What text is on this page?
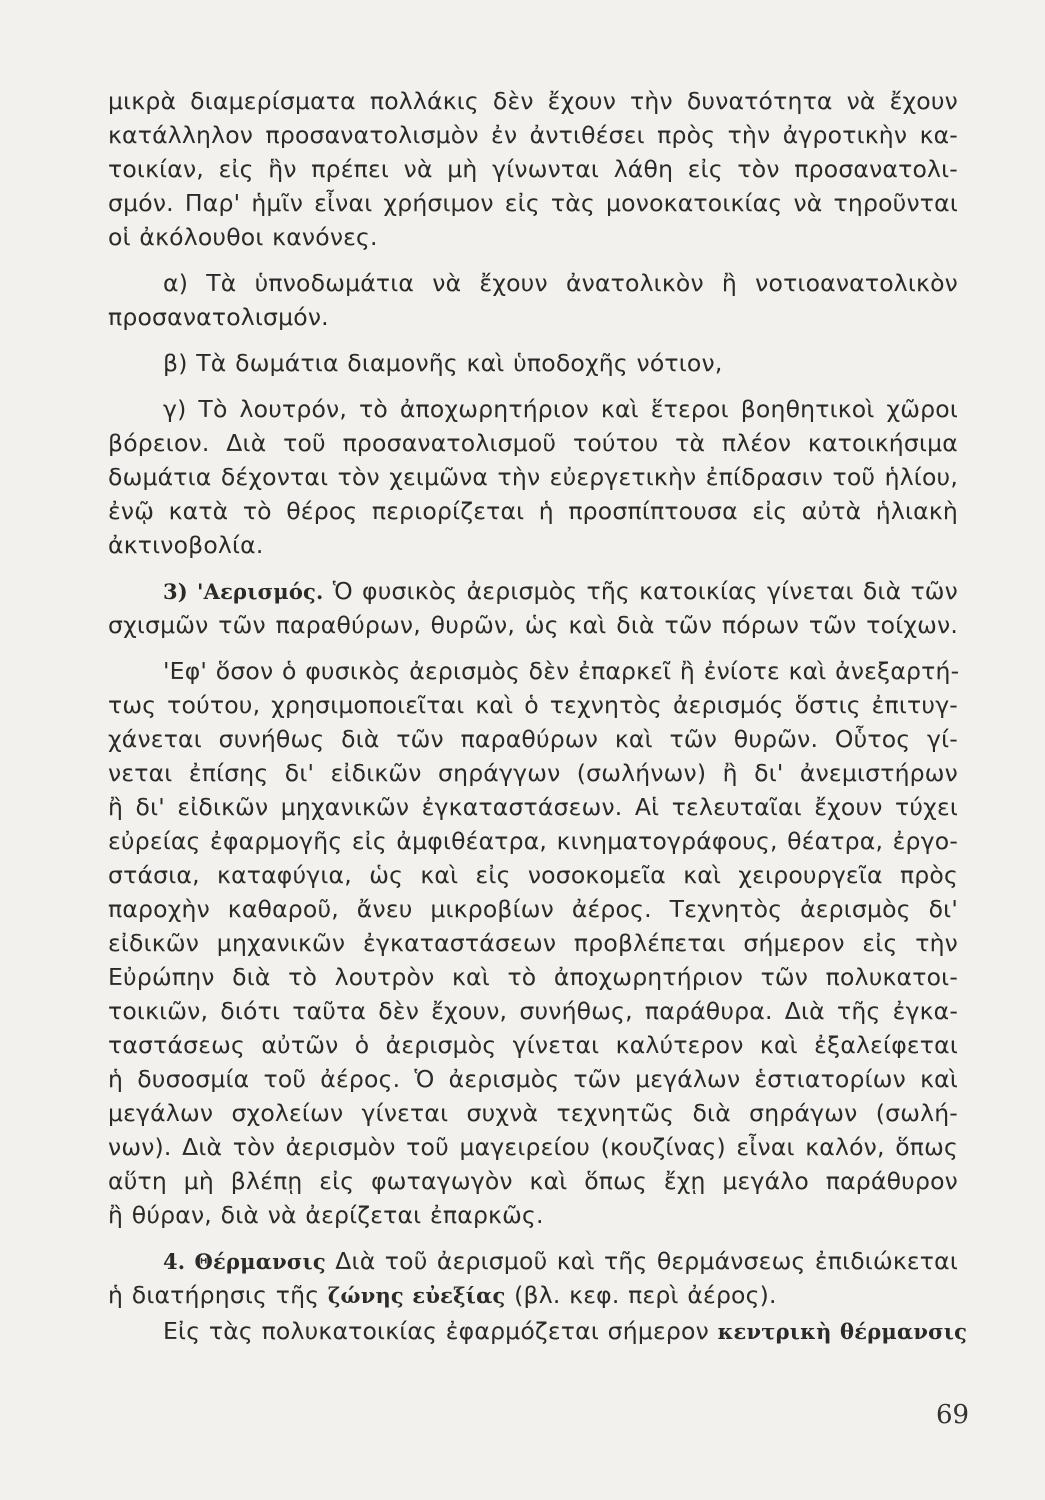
μικρὰ διαμερίσματα πολλάκις δὲν ἔχουν τὴν δυνατότητα νὰ ἔχουν
κατάλληλον προσανατολισμὸν ἐν ἀντιθέσει πρὸς τὴν ἀγροτικὴν κα-
τοικίαν, εἰς ἣν πρέπει νὰ μὴ γίνωνται λάθη εἰς τὸν προσανατολι-
σμόν. Παρ' ἡμῖν εἶναι χρήσιμον εἰς τὰς μονοκατοικίας νὰ τηροῦνται
οἱ ἀκόλουθοι κανόνες.
α) Τὰ ὑπνοδωμάτια νὰ ἔχουν ἀνατολικὸν ἢ νοτιοανατολικὸν
προσανατολισμόν.
β) Τὰ δωμάτια διαμονῆς καὶ ὑποδοχῆς νότιον,
γ) Τὸ λουτρόν, τὸ ἀποχωρητήριον καὶ ἕτεροι βοηθητικοὶ χῶροι
βόρειον. Διὰ τοῦ προσανατολισμοῦ τούτου τὰ πλέον κατοικήσιμα
δωμάτια δέχονται τὸν χειμῶνα τὴν εὐεργετικὴν ἐπίδρασιν τοῦ ἡλίου,
ἐνῷ κατὰ τὸ θέρος περιορίζεται ἡ προσπίπτουσα εἰς αὐτὰ ἡλιακὴ
ἀκτινοβολία.
3) 'Αερισμός. Ὁ φυσικὸς ἀερισμὸς τῆς κατοικίας γίνεται διὰ τῶν
σχισμῶν τῶν παραθύρων, θυρῶν, ὡς καὶ διὰ τῶν πόρων τῶν τοίχων.
'Εφ' ὅσον ὁ φυσικὸς ἀερισμὸς δὲν ἐπαρκεῖ ἢ ἐνίοτε καὶ ἀνεξαρτή-
τως τούτου, χρησιμοποιεῖται καὶ ὁ τεχνητὸς ἀερισμός ὅστις ἐπιτυγ-
χάνεται συνήθως διὰ τῶν παραθύρων καὶ τῶν θυρῶν. Οὗτος γί-
νεται ἐπίσης δι' εἰδικῶν σηράγγων (σωλήνων) ἢ δι' ἀνεμιστήρων
ἢ δι' εἰδικῶν μηχανικῶν ἐγκαταστάσεων. Αἱ τελευταῖαι ἔχουν τύχει
εὐρείας ἐφαρμογῆς εἰς ἀμφιθέατρα, κινηματογράφους, θέατρα, ἐργο-
στάσια, καταφύγια, ὡς καὶ εἰς νοσοκομεῖα καὶ χειρουργεῖα πρὸς
παροχὴν καθαροῦ, ἄνευ μικροβίων ἀέρος. Τεχνητὸς ἀερισμὸς δι'
εἰδικῶν μηχανικῶν ἐγκαταστάσεων προβλέπεται σήμερον εἰς τὴν
Εὐρώπην διὰ τὸ λουτρὸν καὶ τὸ ἀποχωρητήριον τῶν πολυκατοι-
τοικιῶν, διότι ταῦτα δὲν ἔχουν, συνήθως, παράθυρα. Διὰ τῆς ἐγκα-
ταστάσεως αὐτῶν ὁ ἀερισμὸς γίνεται καλύτερον καὶ ἐξαλείφεται
ἡ δυσοσμία τοῦ ἀέρος. Ὁ ἀερισμὸς τῶν μεγάλων ἑστιατορίων καὶ
μεγάλων σχολείων γίνεται συχνὰ τεχνητῶς διὰ σηράγων (σωλή-
νων). Διὰ τὸν ἀερισμὸν τοῦ μαγειρείου (κουζίνας) εἶναι καλόν, ὅπως
αὕτη μὴ βλέπῃ εἰς φωταγωγὸν καὶ ὅπως ἔχῃ μεγάλο παράθυρον
ἢ θύραν, διὰ νὰ ἀερίζεται ἐπαρκῶς.
4. Θέρμανσις Διὰ τοῦ ἀερισμοῦ καὶ τῆς θερμάνσεως ἐπιδιώκεται
ἡ διατήρησις τῆς ζώνης εὐεξίας (βλ. κεφ. περὶ ἀέρος).
Εἰς τὰς πολυκατοικίας ἐφαρμόζεται σήμερον κεντρικὴ θέρμανσις
69
